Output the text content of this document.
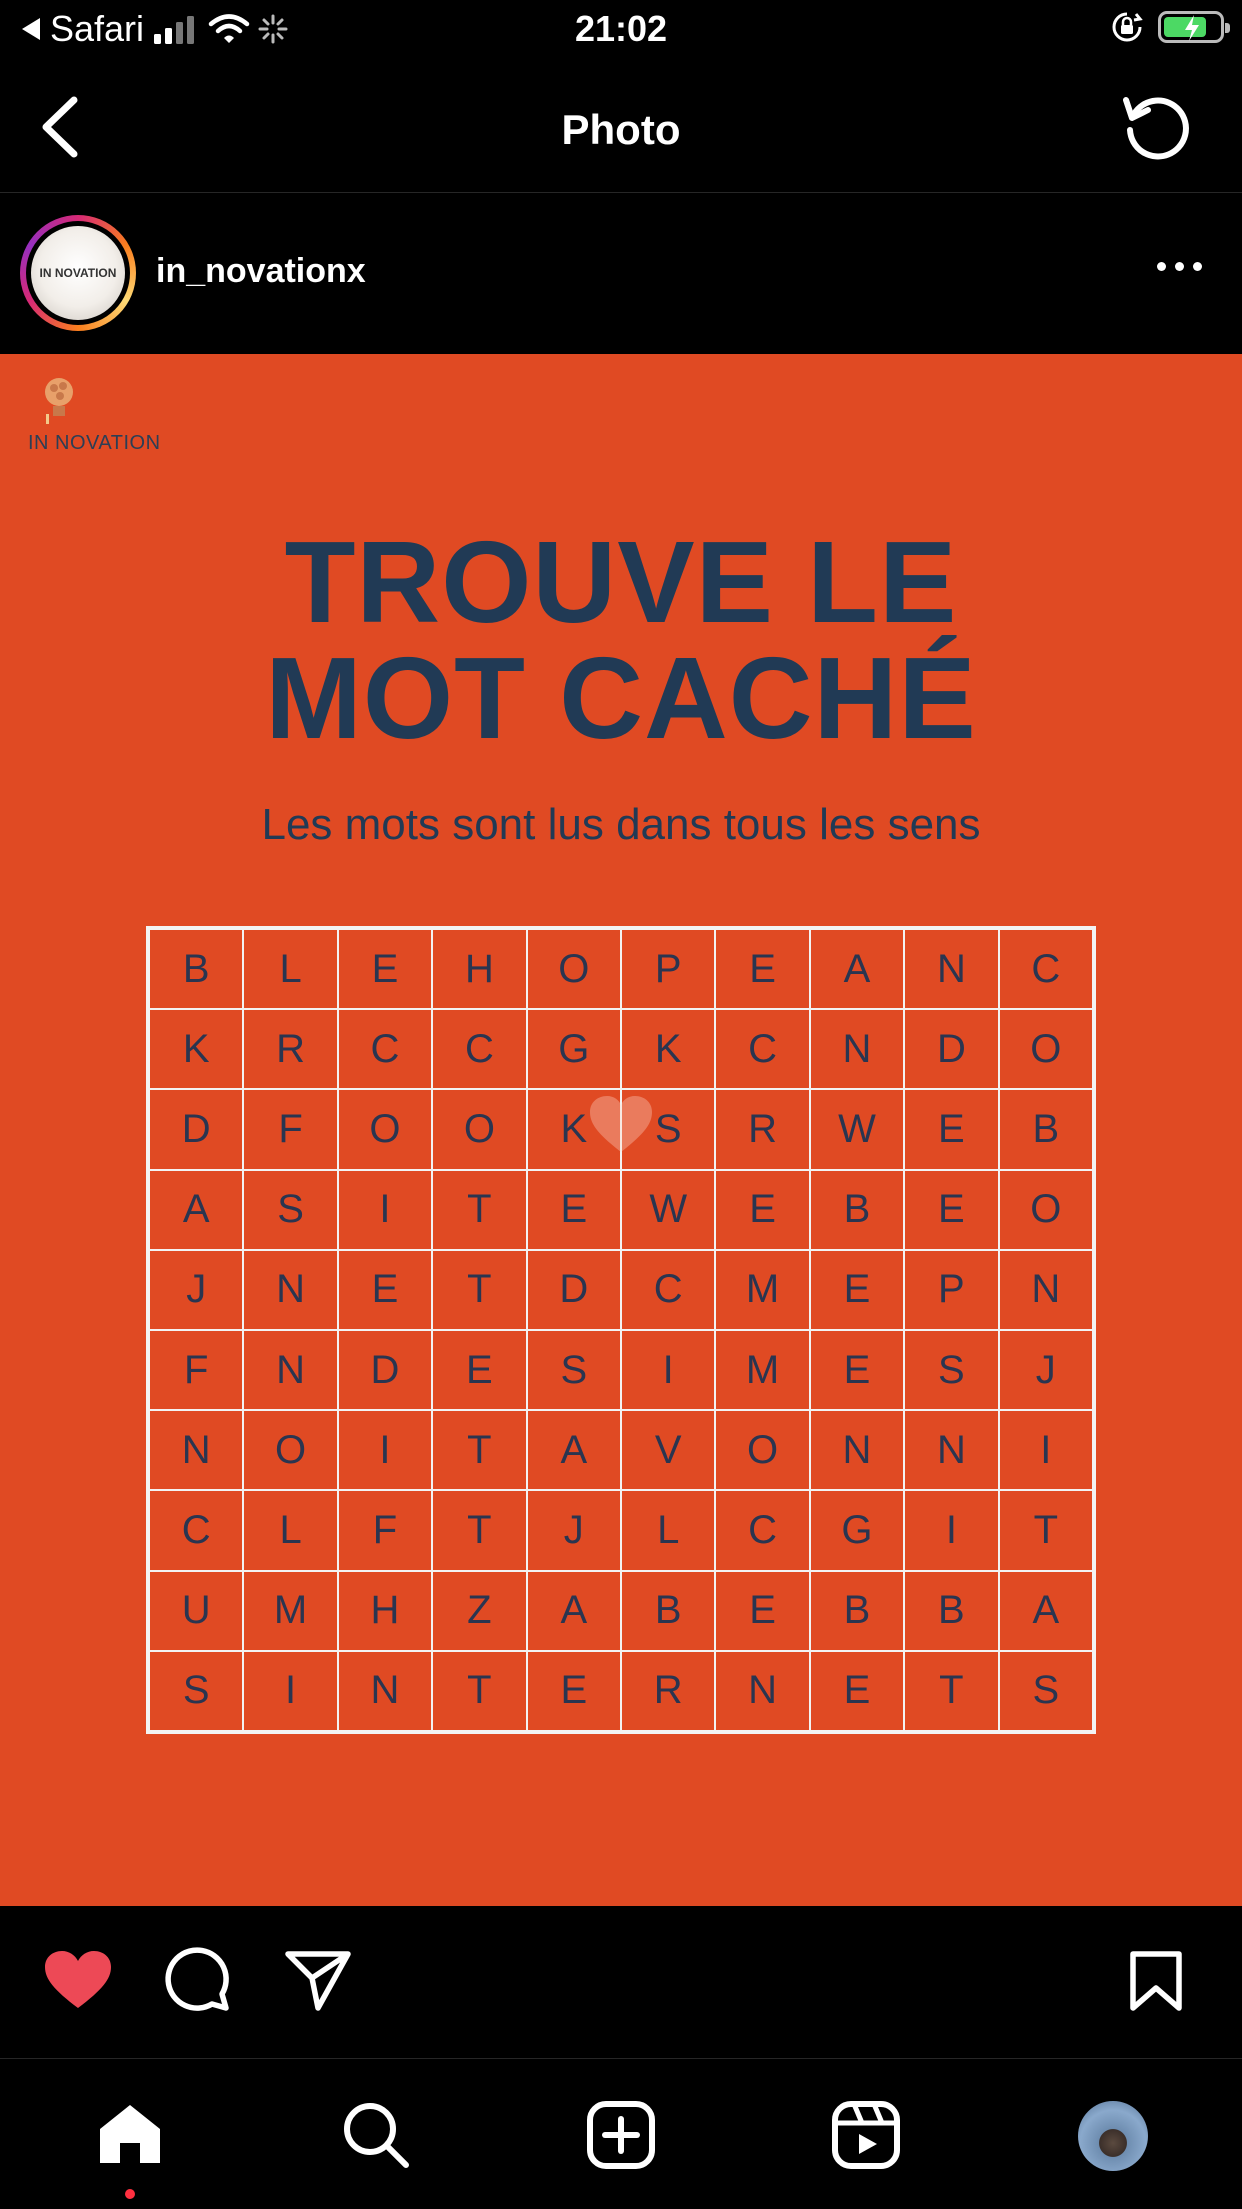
Safari	21:02
Photo
IN NOVATION in_novationx
IN NOVATION
TROUVE LE
MOT CACHÉ
Les mots sont lus dans tous les sens
B	L	E	H	O	P	E	A	N	C
K	R	C	C	G	K	C	N	D	O
D	F	O	O	K	S	R	W	E	B
A	S	I	T	E	W	E	B	E	O
J	N	E	T	D	C	M	E	P	N
F	N	D	E	S	I	M	E	S	J
N	O	I	T	A	V	O	N	N	I
C	L	F	T	J	L	C	G	I	T
U	M	H	Z	A	B	E	B	B	A
S	I	N	T	E	R	N	E	T	S
